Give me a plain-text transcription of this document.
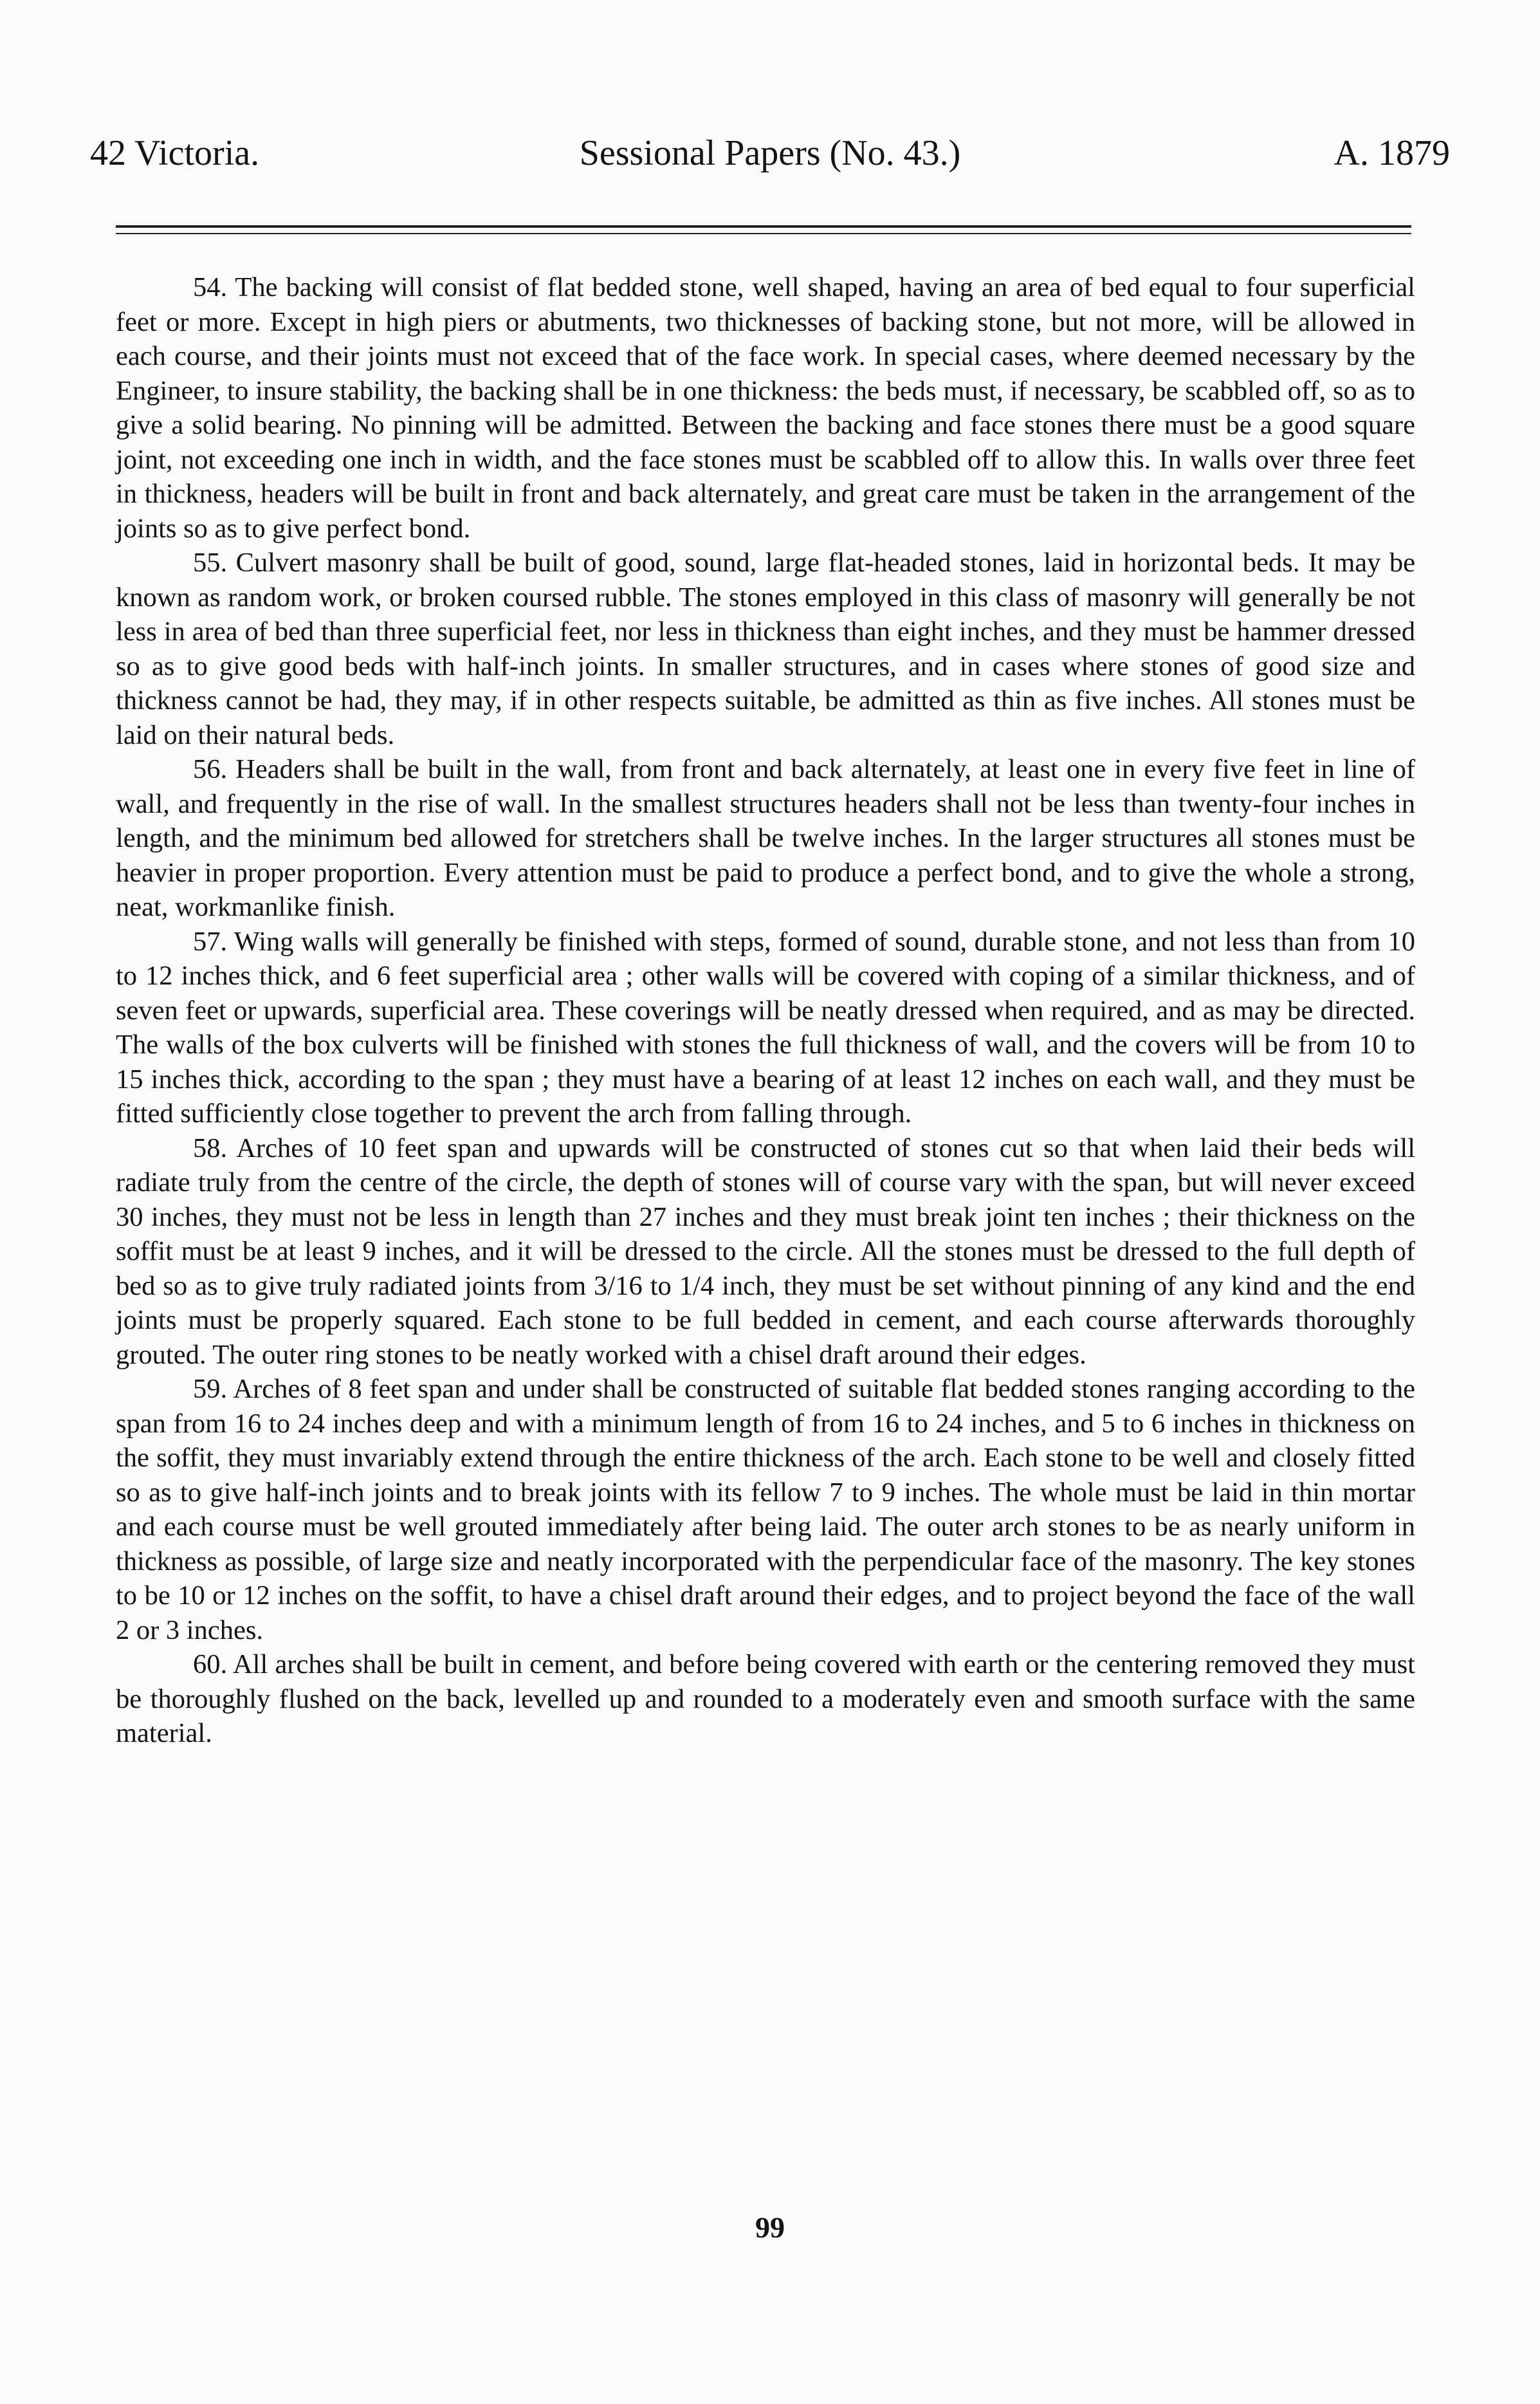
42 Victoria.	Sessional Papers (No. 43.)	A. 1879

54. The backing will consist of flat bedded stone, well shaped, having an area of bed equal to four superficial feet or more. Except in high piers or abutments, two thicknesses of backing stone, but not more, will be allowed in each course, and their joints must not exceed that of the face work. In special cases, where deemed necessary by the Engineer, to insure stability, the backing shall be in one thickness: the beds must, if necessary, be scabbled off, so as to give a solid bearing. No pinning will be admitted. Between the backing and face stones there must be a good square joint, not exceeding one inch in width, and the face stones must be scabbled off to allow this. In walls over three feet in thickness, headers will be built in front and back alternately, and great care must be taken in the arrangement of the joints so as to give perfect bond.

55. Culvert masonry shall be built of good, sound, large flat-headed stones, laid in horizontal beds. It may be known as random work, or broken coursed rubble. The stones employed in this class of masonry will generally be not less in area of bed than three superficial feet, nor less in thickness than eight inches, and they must be hammer dressed so as to give good beds with half-inch joints. In smaller structures, and in cases where stones of good size and thickness cannot be had, they may, if in other respects suitable, be admitted as thin as five inches. All stones must be laid on their natural beds.

56. Headers shall be built in the wall, from front and back alternately, at least one in every five feet in line of wall, and frequently in the rise of wall. In the smallest structures headers shall not be less than twenty-four inches in length, and the minimum bed allowed for stretchers shall be twelve inches. In the larger structures all stones must be heavier in proper proportion. Every attention must be paid to produce a perfect bond, and to give the whole a strong, neat, workmanlike finish.

57. Wing walls will generally be finished with steps, formed of sound, durable stone, and not less than from 10 to 12 inches thick, and 6 feet superficial area ; other walls will be covered with coping of a similar thickness, and of seven feet or upwards, superficial area. These coverings will be neatly dressed when required, and as may be directed. The walls of the box culverts will be finished with stones the full thickness of wall, and the covers will be from 10 to 15 inches thick, according to the span ; they must have a bearing of at least 12 inches on each wall, and they must be fitted sufficiently close together to prevent the arch from falling through.

58. Arches of 10 feet span and upwards will be constructed of stones cut so that when laid their beds will radiate truly from the centre of the circle, the depth of stones will of course vary with the span, but will never exceed 30 inches, they must not be less in length than 27 inches and they must break joint ten inches ; their thickness on the soffit must be at least 9 inches, and it will be dressed to the circle. All the stones must be dressed to the full depth of bed so as to give truly radiated joints from 3/16 to 1/4 inch, they must be set without pinning of any kind and the end joints must be properly squared. Each stone to be full bedded in cement, and each course afterwards thoroughly grouted. The outer ring stones to be neatly worked with a chisel draft around their edges.

59. Arches of 8 feet span and under shall be constructed of suitable flat bedded stones ranging according to the span from 16 to 24 inches deep and with a minimum length of from 16 to 24 inches, and 5 to 6 inches in thickness on the soffit, they must invariably extend through the entire thickness of the arch. Each stone to be well and closely fitted so as to give half-inch joints and to break joints with its fellow 7 to 9 inches. The whole must be laid in thin mortar and each course must be well grouted immediately after being laid. The outer arch stones to be as nearly uniform in thickness as possible, of large size and neatly incorporated with the perpendicular face of the masonry. The key stones to be 10 or 12 inches on the soffit, to have a chisel draft around their edges, and to project beyond the face of the wall 2 or 3 inches.

60. All arches shall be built in cement, and before being covered with earth or the centering removed they must be thoroughly flushed on the back, levelled up and rounded to a moderately even and smooth surface with the same material.

99
